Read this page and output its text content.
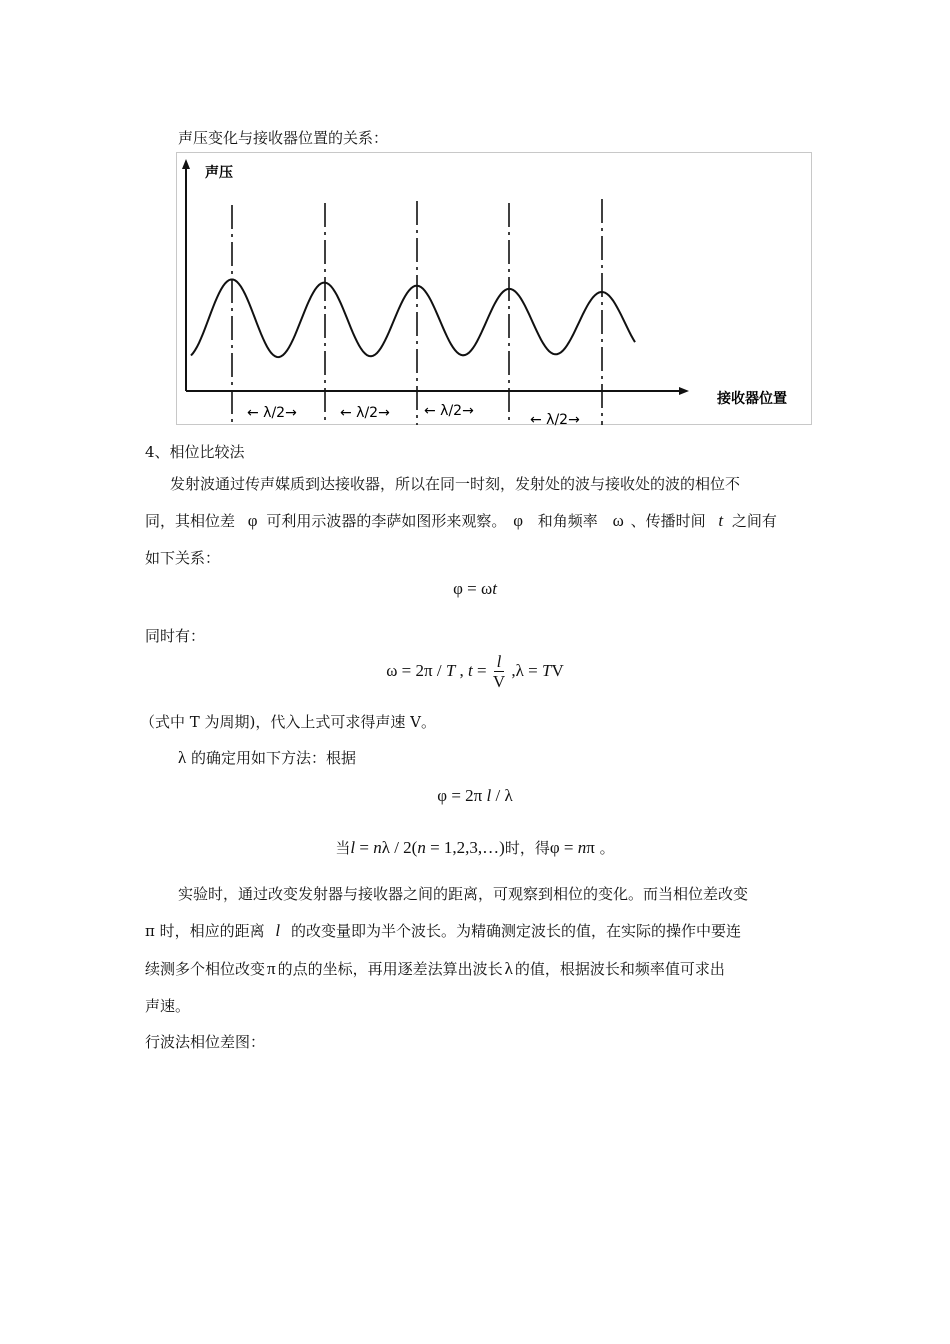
声压变化与接收器位置的关系：
声压
接收器位置
← λ/2→	← λ/2→ ← λ/2→
← λ/2→
4、相位比较法
发射波通过传声媒质到达接收器，所以在同一时刻，发射处的波与接收处的波的相位不
同，其相位差 φ 可利用示波器的李萨如图形来观察。 φ 和角频率 ω 、传播时间 t 之间有
如下关系：
φ = ωt
同时有：
ω = 2π / T , $t = \frac{l}{V} ,\lambda$ = TV
（式中 T 为周期)，代入上式可求得声速 V。
λ 的确定用如下方法：根据
φ = 2π l / λ
当l = nλ / 2(n = 1,2,3,…)时，得φ = nπ 。
实验时，通过改变发射器与接收器之间的距离，可观察到相位的变化。而当相位差改变
π 时，相应的距离 l 的改变量即为半个波长。为精确测定波长的值，在实际的操作中要连
续测多个相位改变 π 的点的坐标，再用逐差法算出波长 λ 的值，根据波长和频率值可求出
声速。
行波法相位差图：
